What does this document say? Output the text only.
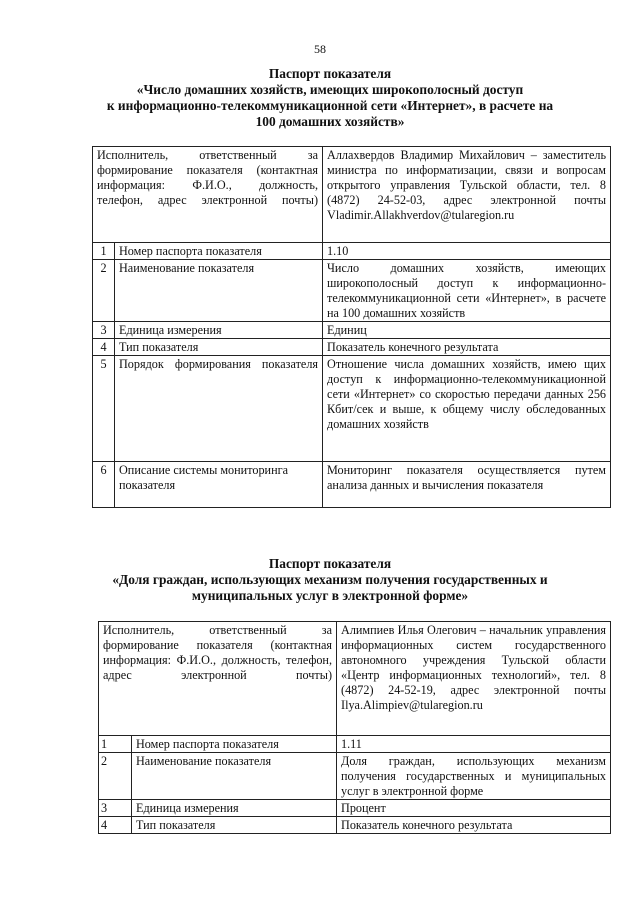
58
Паспорт показателя
«Число домашних хозяйств, имеющих широкополосный доступ
к информационно-телекоммуникационной сети «Интернет», в расчете на
100 домашних хозяйств»
Исполнитель, ответственный за формирование показателя (контактная информация: Ф.И.О., должность, телефон, адрес электронной почты)		Аллахвердов Владимир Михайлович – заместитель министра по информатизации, связи и вопросам открытого управления Тульской области, тел. 8 (4872) 24-52-03, адрес электронной почты Vladimir.Allakhverdov@tularegion.ru
1	Номер паспорта показателя	1.10
2	Наименование показателя	Число домашних хозяйств, имеющих широкополосный доступ к информационно-телекоммуникационной сети «Интернет», в расчете на 100 домашних хозяйств
3	Единица измерения	Единиц
4	Тип показателя	Показатель конечного результата
5	Порядок формирования показателя	Отношение числа домашних хозяйств, имею щих доступ к информационно-телекоммуникационной сети «Интернет» со скоростью передачи данных 256 Кбит/сек и выше, к общему числу обследованных домашних хозяйств
6	Описание системы мониторинга показателя	Мониторинг показателя осуществляется путем анализа данных и вычисления показателя
Паспорт показателя
«Доля граждан, использующих механизм получения государственных и
муниципальных услуг в электронной форме»
Исполнитель, ответственный за формирование показателя (контактная информация: Ф.И.О., должность, телефон, адрес электронной почты)		Алимпиев Илья Олегович – начальник управления информационных систем государственного автономного учреждения Тульской области «Центр информационных технологий», тел. 8 (4872) 24-52-19, адрес электронной почты Ilya.Alimpiev@tularegion.ru
1	Номер паспорта показателя	1.11
2	Наименование показателя	Доля граждан, использующих механизм получения государственных и муниципальных услуг в электронной форме
3	Единица измерения	Процент
4	Тип показателя	Показатель конечного результата
